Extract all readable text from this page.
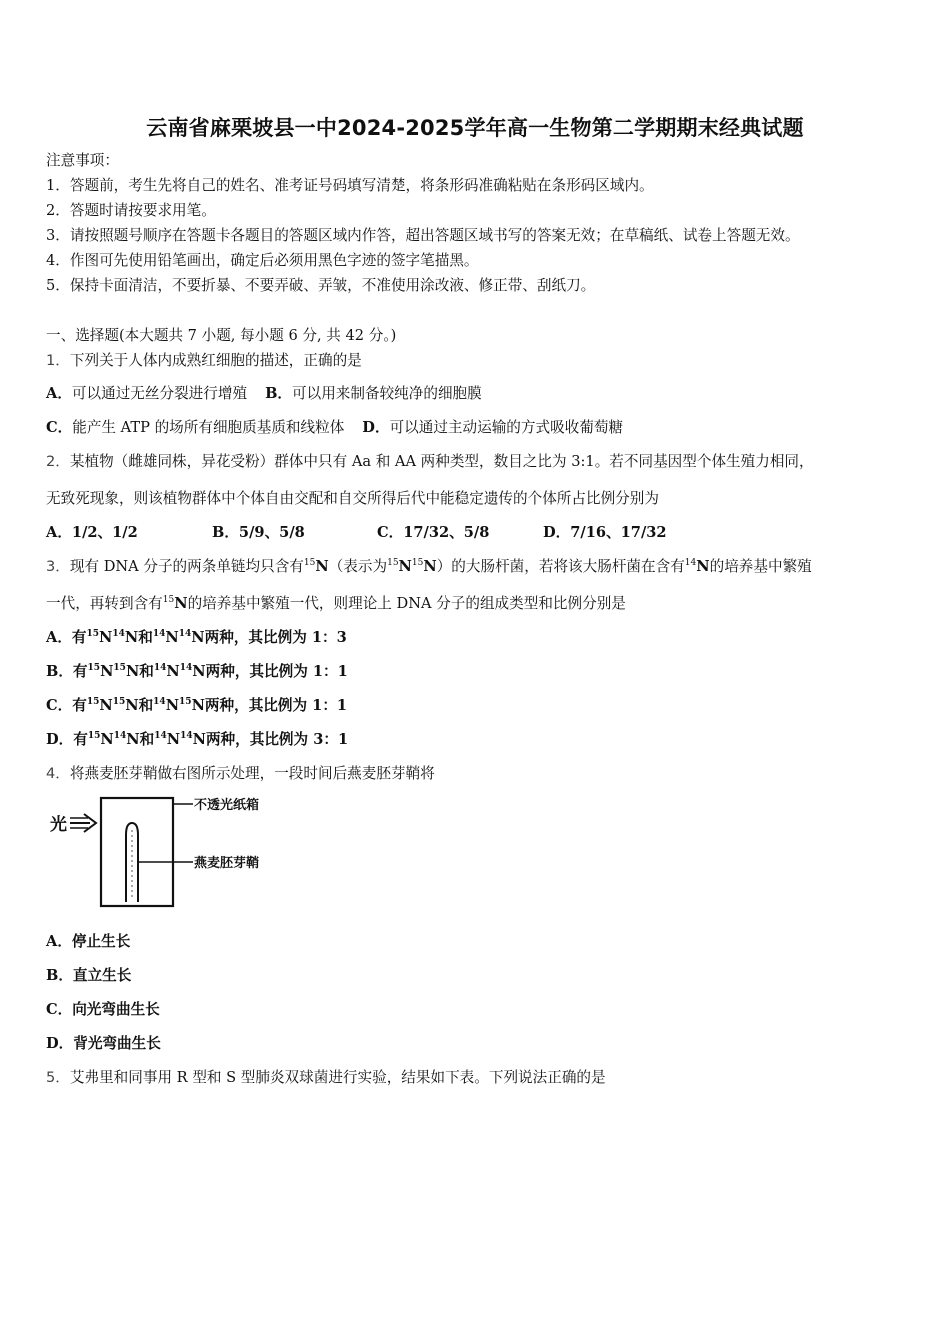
云南省麻栗坡县一中2024-2025学年高一生物第二学期期末经典试题
注意事项：
1．答题前，考生先将自己的姓名、准考证号码填写清楚，将条形码准确粘贴在条形码区域内。
2．答题时请按要求用笔。
3．请按照题号顺序在答题卡各题目的答题区域内作答，超出答题区域书写的答案无效；在草稿纸、试卷上答题无效。
4．作图可先使用铅笔画出，确定后必须用黑色字迹的签字笔描黑。
5．保持卡面清洁，不要折暴、不要弄破、弄皱，不准使用涂改液、修正带、刮纸刀。
一、选择题(本大题共 7 小题, 每小题 6 分, 共 42 分。)
1．下列关于人体内成熟红细胞的描述，正确的是
A．可以通过无丝分裂进行增殖 B．可以用来制备较纯净的细胞膜
C．能产生 ATP 的场所有细胞质基质和线粒体 D．可以通过主动运输的方式吸收葡萄糖
2．某植物（雌雄同株，异花受粉）群体中只有 Aa 和 AA 两种类型，数目之比为 3:1。若不同基因型个体生殖力相同，
无致死现象，则该植物群体中个体自由交配和自交所得后代中能稳定遗传的个体所占比例分别为
A．1/2、1/2	B．5/9、5/8	C．17/32、5/8	D．7/16、17/32
3．现有 DNA 分子的两条单链均只含有$^{15}$N（表示为$^{15}N^{15}N$）的大肠杆菌，若将该大肠杆菌在含有$^{14}$N的培养基中繁殖
一代，再转到含有$^{15}$N的培养基中繁殖一代，则理论上 DNA 分子的组成类型和比例分别是
A．有$^{15}N^{14}N$和$^{14}N^{14}N$两种，其比例为 1：3
B．有$^{15}N^{15}N$和$^{14}N^{14}N$两种，其比例为 1：1
C．有$^{15}N^{15}N$和$^{14}N^{15}N$两种，其比例为 1：1
D．有$^{15}N^{14}N$和$^{14}N^{14}N$两种，其比例为 3：1
4．将燕麦胚芽鞘做右图所示处理，一段时间后燕麦胚芽鞘将
光
不透光纸箱
燕麦胚芽鞘
A．停止生长
B．直立生长
C．向光弯曲生长
D．背光弯曲生长
5．艾弗里和同事用 R 型和 S 型肺炎双球菌进行实验，结果如下表。下列说法正确的是
